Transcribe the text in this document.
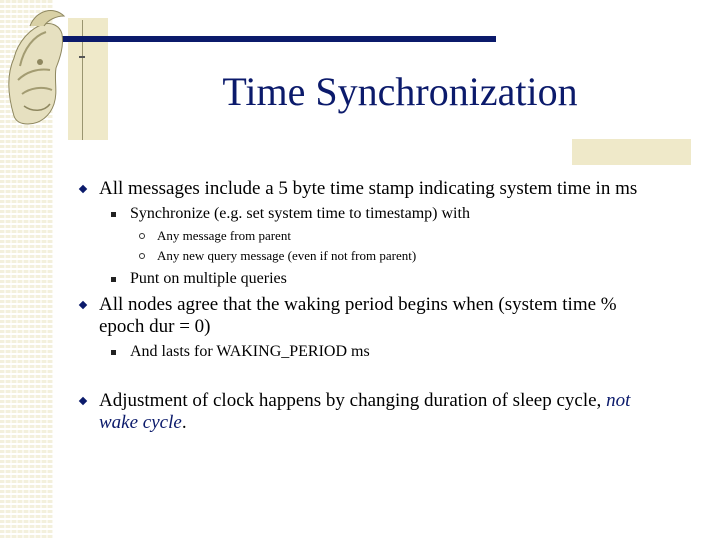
Time Synchronization
All messages include a 5 byte time stamp indicating system time in ms
Synchronize (e.g. set system time to timestamp) with
Any message from parent
Any new query message (even if not from parent)
Punt on multiple queries
All nodes agree that the waking period begins when (system time %
epoch dur = 0)
And lasts for WAKING_PERIOD ms
Adjustment of clock happens by changing duration of sleep cycle, not
wake cycle.
